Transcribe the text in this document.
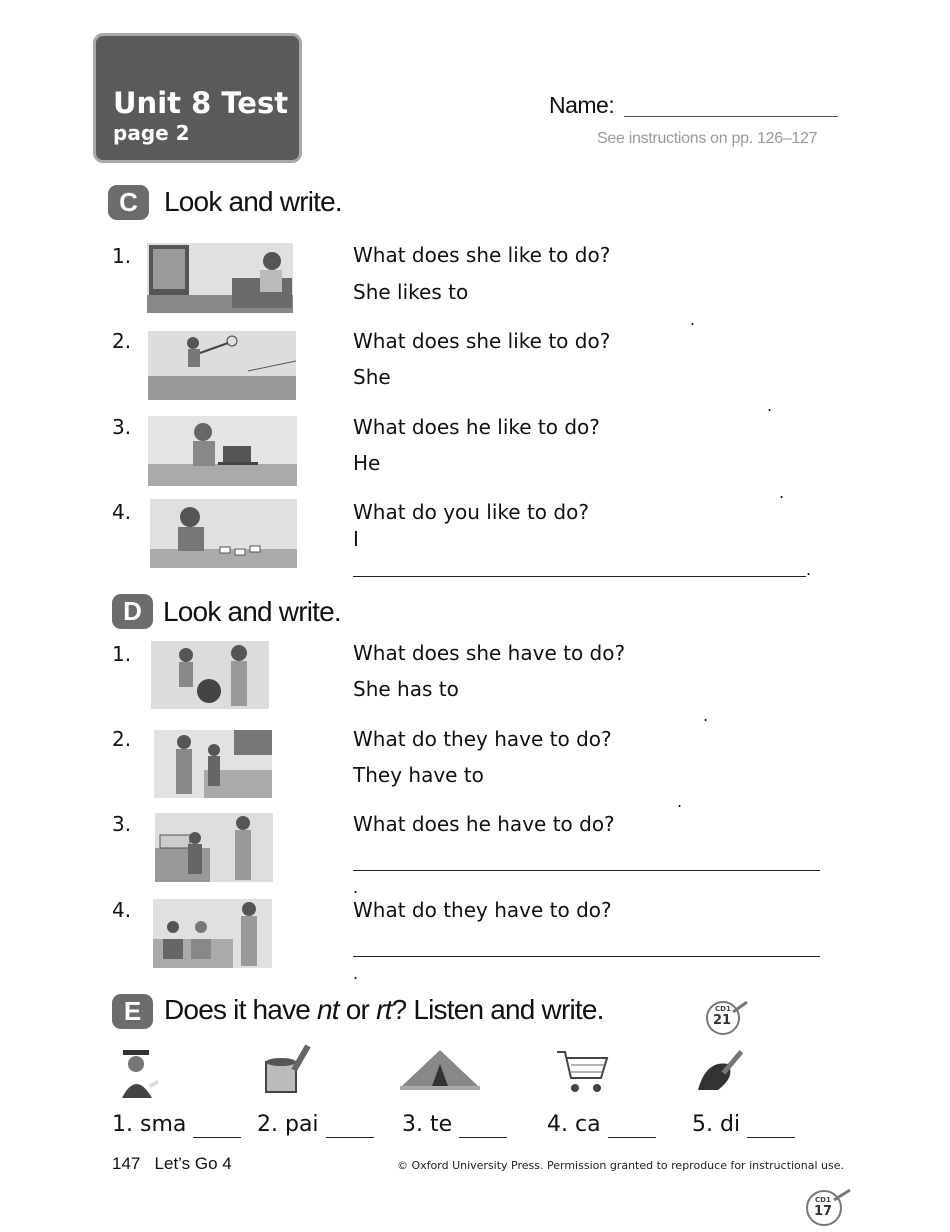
Unit 8 Test
page 2
Name:
See instructions on pp. 126–127
C Look and write.
1.	What does she like to do?
She likes to
.
2.	What does she like to do?
She
.
3.	What does he like to do?
He
.
4.	What do you like to do?
I
.
D Look and write.
1.	What does she have to do?
She has to
.
2.	What do they have to do?
They have to
.
3.	What does he have to do?
.
4.	What do they have to do?
.
E Does it have nt or rt? Listen and write.	CD1
21
1. sma	2. pai	3. te	4. ca	5. di
147 Let’s Go 4	© Oxford University Press. Permission granted to reproduce for instructional use.
CD1
17
